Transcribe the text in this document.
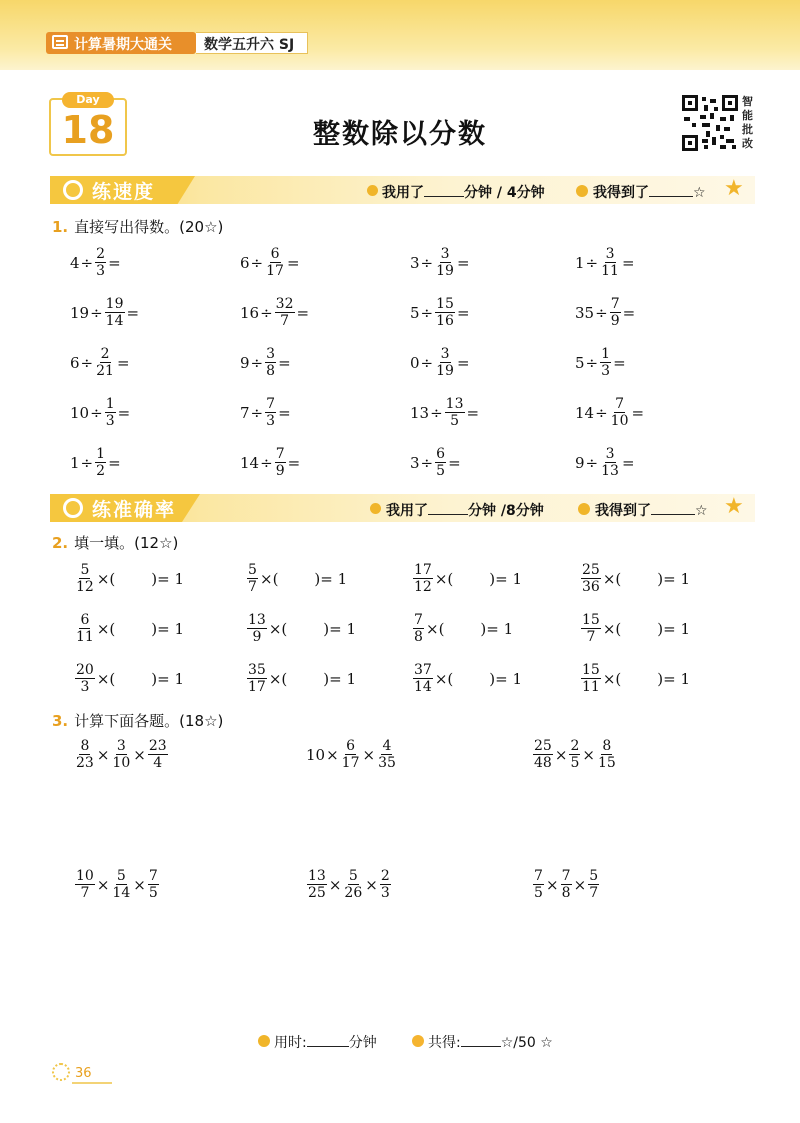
计算暑期大通关 数学五升六 SJ
Day
18	整数除以分数
智
能
批
改
练速度	我用了	分钟 / 4分钟	我得到了	☆ ★
1. 直接写出得数。(20☆)
练准确率	我用了	分钟 /8分钟	我得到了	☆ ★
2. 填一填。(12☆)
3. 计算下面各题。(18☆)
用时:	分钟	共得:	☆/50 ☆
36
$4 \div \frac{2}{3}$ =	$6 \div \frac{6}{17}$ =	$3 \div \frac{3}{19}$ =	$1 \div \frac{3}{11}$ =
$19 \div \frac{19}{14}$ =	$16 \div \frac{32}{7}$ =	$5 \div \frac{15}{16}$ =	$35 \div \frac{7}{9}$ =
$6 \div \frac{2}{21}$ =	$9 \div \frac{3}{8}$ =	$0 \div \frac{3}{19}$ =	$5 \div \frac{1}{3}$ =
$10 \div \frac{1}{3}$ =	$7 \div \frac{7}{3}$ =	$13 \div \frac{13}{5}$ =	$14 \div \frac{7}{10}$ =
$1 \div \frac{1}{2}$ =	$14 \div \frac{7}{9}$ =	$3 \div \frac{6}{5}$ =	$9 \div \frac{3}{13}$ =
$\frac{5}{12}$ ×( )= 1	$\frac{5}{7}$ ×( )= 1	$\frac{17}{12}$ ×( )= 1	$\frac{25}{36}$ ×( )= 1
$\frac{6}{11}$ ×( )= 1	$\frac{13}{9}$ ×( )= 1	$\frac{7}{8}$ ×( )= 1	$\frac{15}{7}$ ×( )= 1
$\frac{20}{3}$ ×( )= 1	$\frac{35}{17}$ ×( )= 1	$\frac{37}{14}$ ×( )= 1	$\frac{15}{11}$ ×( )= 1
$\frac{8}{23} \times \frac{3}{10} \times \frac{23}{4}$	$10 \times \frac{6}{17} \times \frac{4}{35}$	$\frac{25}{48} \times \frac{2}{5} \times \frac{8}{15}$
$\frac{10}{7} \times \frac{5}{14} \times \frac{7}{5}$	$\frac{13}{25} \times \frac{5}{26} \times \frac{2}{3}$	$\frac{7}{5} \times \frac{7}{8} \times \frac{5}{7}$
